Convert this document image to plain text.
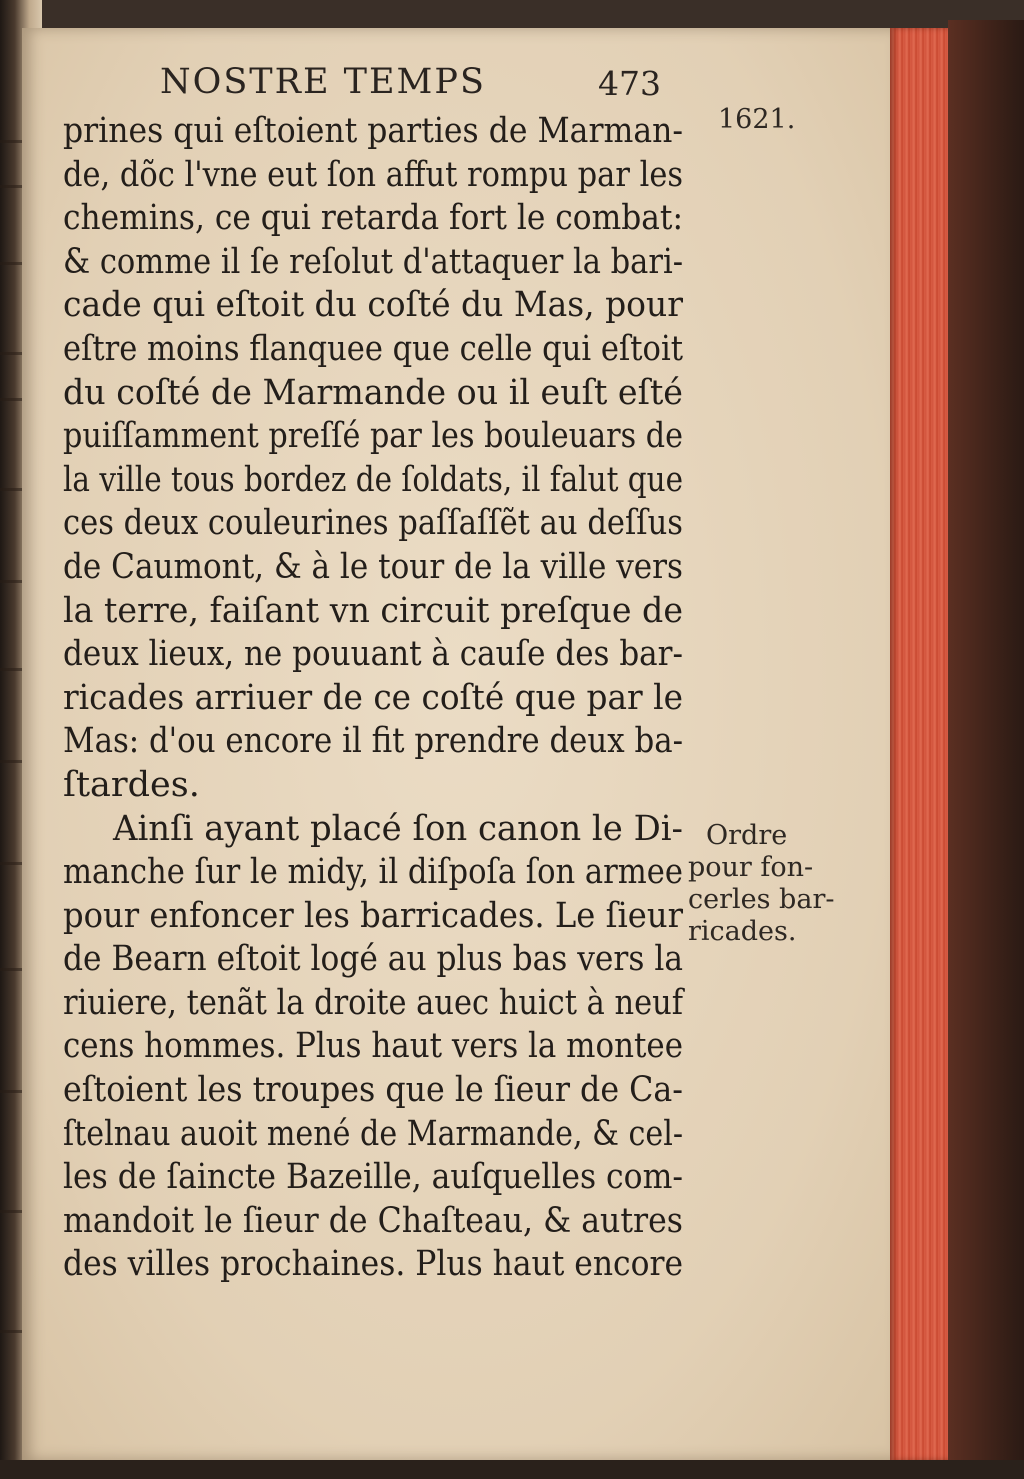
NOSTRE TEMPS	473
1621.
prines qui eſtoient parties de Marman-
de, dõc l'vne eut ſon affut rompu par les
chemins, ce qui retarda fort le combat:
& comme il ſe reſolut d'attaquer la bari-
cade qui eſtoit du coſté du Mas, pour
eſtre moins flanquee que celle qui eſtoit
du coſté de Marmande ou il euſt eſté
puiſſamment preſſé par les bouleuars de
la ville tous bordez de ſoldats, il falut que
ces deux couleurines paſſaſſẽt au deſſus
de Caumont, & à le tour de la ville vers
la terre, faiſant vn circuit preſque de
deux lieux, ne pouuant à cauſe des bar-
ricades arriuer de ce coſté que par le
Mas: d'ou encore il fit prendre deux ba-
ſtardes.
Ainſi ayant placé ſon canon le Di-
manche ſur le midy, il diſpoſa ſon armee
pour enfoncer les barricades. Le ſieur
de Bearn eſtoit logé au plus bas vers la
riuiere, tenãt la droite auec huict à neuf
cens hommes. Plus haut vers la montee
eſtoient les troupes que le ſieur de Ca-
ſtelnau auoit mené de Marmande, & cel-
les de ſaincte Bazeille, auſquelles com-
mandoit le ſieur de Chaſteau, & autres
des villes prochaines. Plus haut encore
Ordre
pour fon-
cerles bar-
ricades.
